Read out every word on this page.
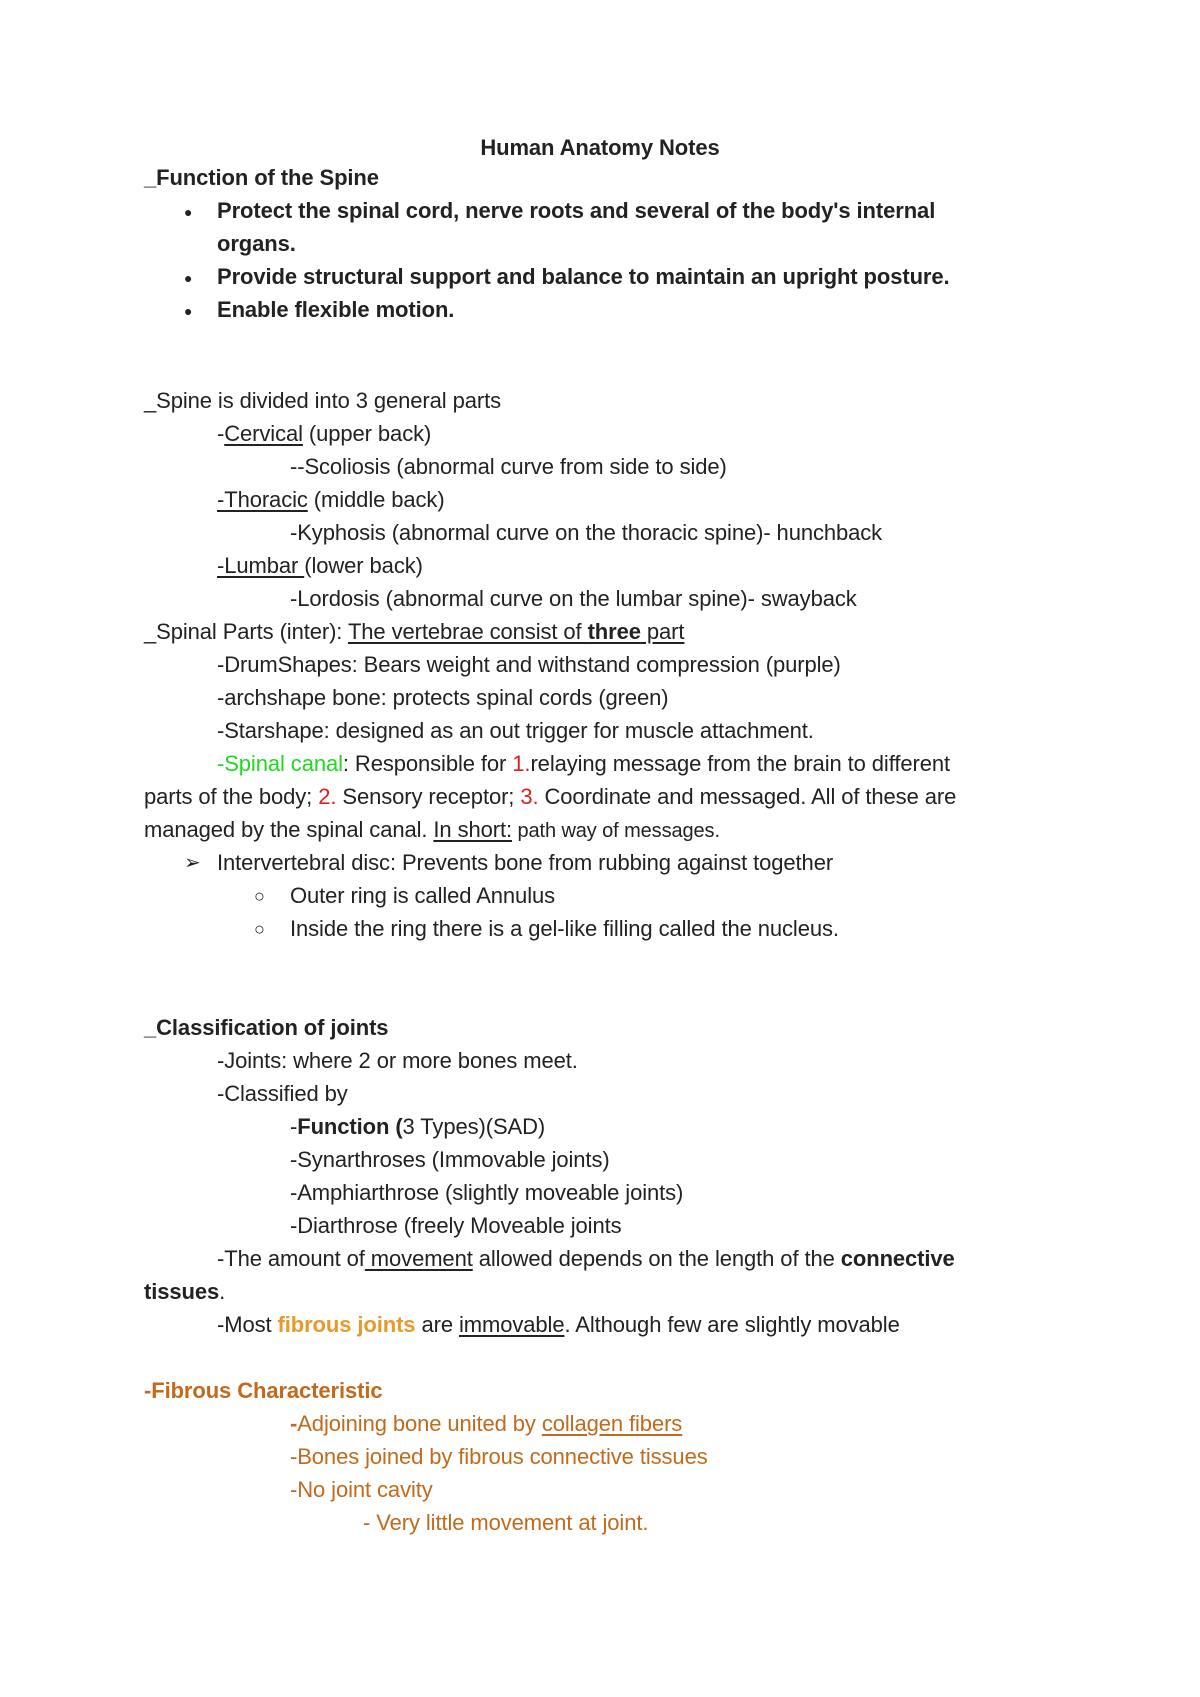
Human Anatomy Notes
_Function of the Spine
● Protect the spinal cord, nerve roots and several of the body's internal
organs.
● Provide structural support and balance to maintain an upright posture.
● Enable flexible motion.
_Spine is divided into 3 general parts
-Cervical (upper back)
--Scoliosis (abnormal curve from side to side)
-Thoracic (middle back)
-Kyphosis (abnormal curve on the thoracic spine)- hunchback
-Lumbar (lower back)
-Lordosis (abnormal curve on the lumbar spine)- swayback
_Spinal Parts (inter): The vertebrae consist of three part
-DrumShapes: Bears weight and withstand compression (purple)
-archshape bone: protects spinal cords (green)
-Starshape: designed as an out trigger for muscle attachment.
-Spinal canal: Responsible for 1.relaying message from the brain to different
parts of the body; 2. Sensory receptor; 3. Coordinate and messaged. All of these are
managed by the spinal canal. In short: path way of messages.
➢ Intervertebral disc: Prevents bone from rubbing against together
○ Outer ring is called Annulus
○ Inside the ring there is a gel-like filling called the nucleus.
_Classification of joints
-Joints: where 2 or more bones meet.
-Classified by
-Function (3 Types)(SAD)
-Synarthroses (Immovable joints)
-Amphiarthrose (slightly moveable joints)
-Diarthrose (freely Moveable joints
-The amount of movement allowed depends on the length of the connective
tissues.
-Most fibrous joints are immovable. Although few are slightly movable
-Fibrous Characteristic
-Adjoining bone united by collagen fibers
-Bones joined by fibrous connective tissues
-No joint cavity
- Very little movement at joint.
